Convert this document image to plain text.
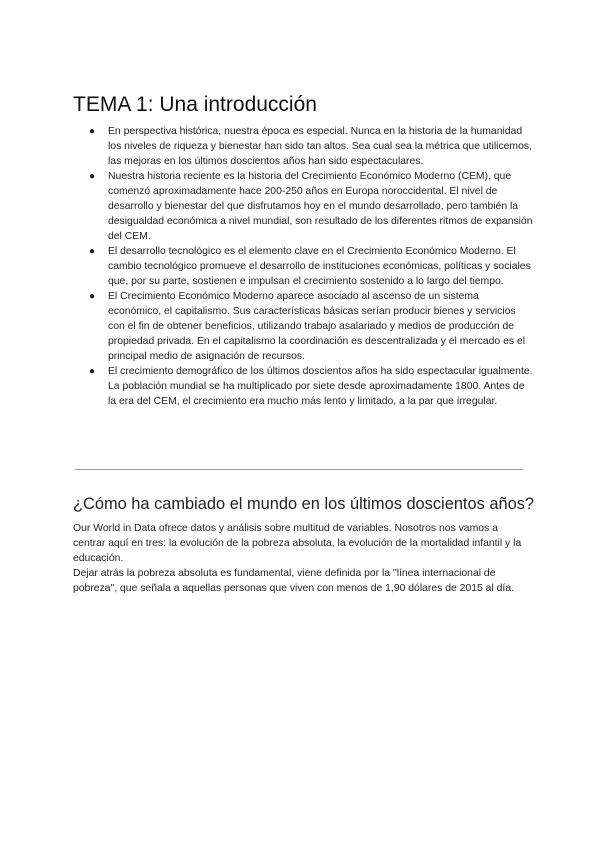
TEMA 1: Una introducción
● En perspectiva histórica, nuestra época es especial. Nunca en la historia de la humanidad los niveles de riqueza y bienestar han sido tan altos. Sea cual sea la métrica que utilicemos, las mejoras en los últimos doscientos años han sido espectaculares.
● Nuestra historia reciente es la historia del Crecimiento Económico Moderno (CEM), que comenzó aproximadamente hace 200-250 años en Europa noroccidental. El nivel de desarrollo y bienestar del que disfrutamos hoy en el mundo desarrollado, pero también la desigualdad económica a nivel mundial, son resultado de los diferentes ritmos de expansión del CEM.
● El desarrollo tecnológico es el elemento clave en el Crecimiento Económico Moderno. El cambio tecnológico promueve el desarrollo de instituciones económicas, políticas y sociales que, por su parte, sostienen e impulsan el crecimiento sostenido a lo largo del tiempo.
● El Crecimiento Económico Moderno aparece asociado al ascenso de un sistema económico, el capitalismo. Sus características básicas serían producir bienes y servicios con el fin de obtener beneficios, utilizando trabajo asalariado y medios de producción de propiedad privada. En el capitalismo la coordinación es descentralizada y el mercado es el principal medio de asignación de recursos.
● El crecimiento demográfico de los últimos doscientos años ha sido espectacular igualmente. La población mundial se ha multiplicado por siete desde aproximadamente 1800. Antes de la era del CEM, el crecimiento era mucho más lento y limitado, a la par que irregular.
¿Cómo ha cambiado el mundo en los últimos doscientos años?

Our World in Data ofrece datos y análisis sobre multitud de variables. Nosotros nos vamos a centrar aquí en tres: la evolución de la pobreza absoluta, la evolución de la mortalidad infantil y la educación.

Dejar atrás la pobreza absoluta es fundamental, viene definida por la "línea internacional de pobreza", que señala a aquellas personas que viven con menos de 1,90 dólares de 2015 al día.
